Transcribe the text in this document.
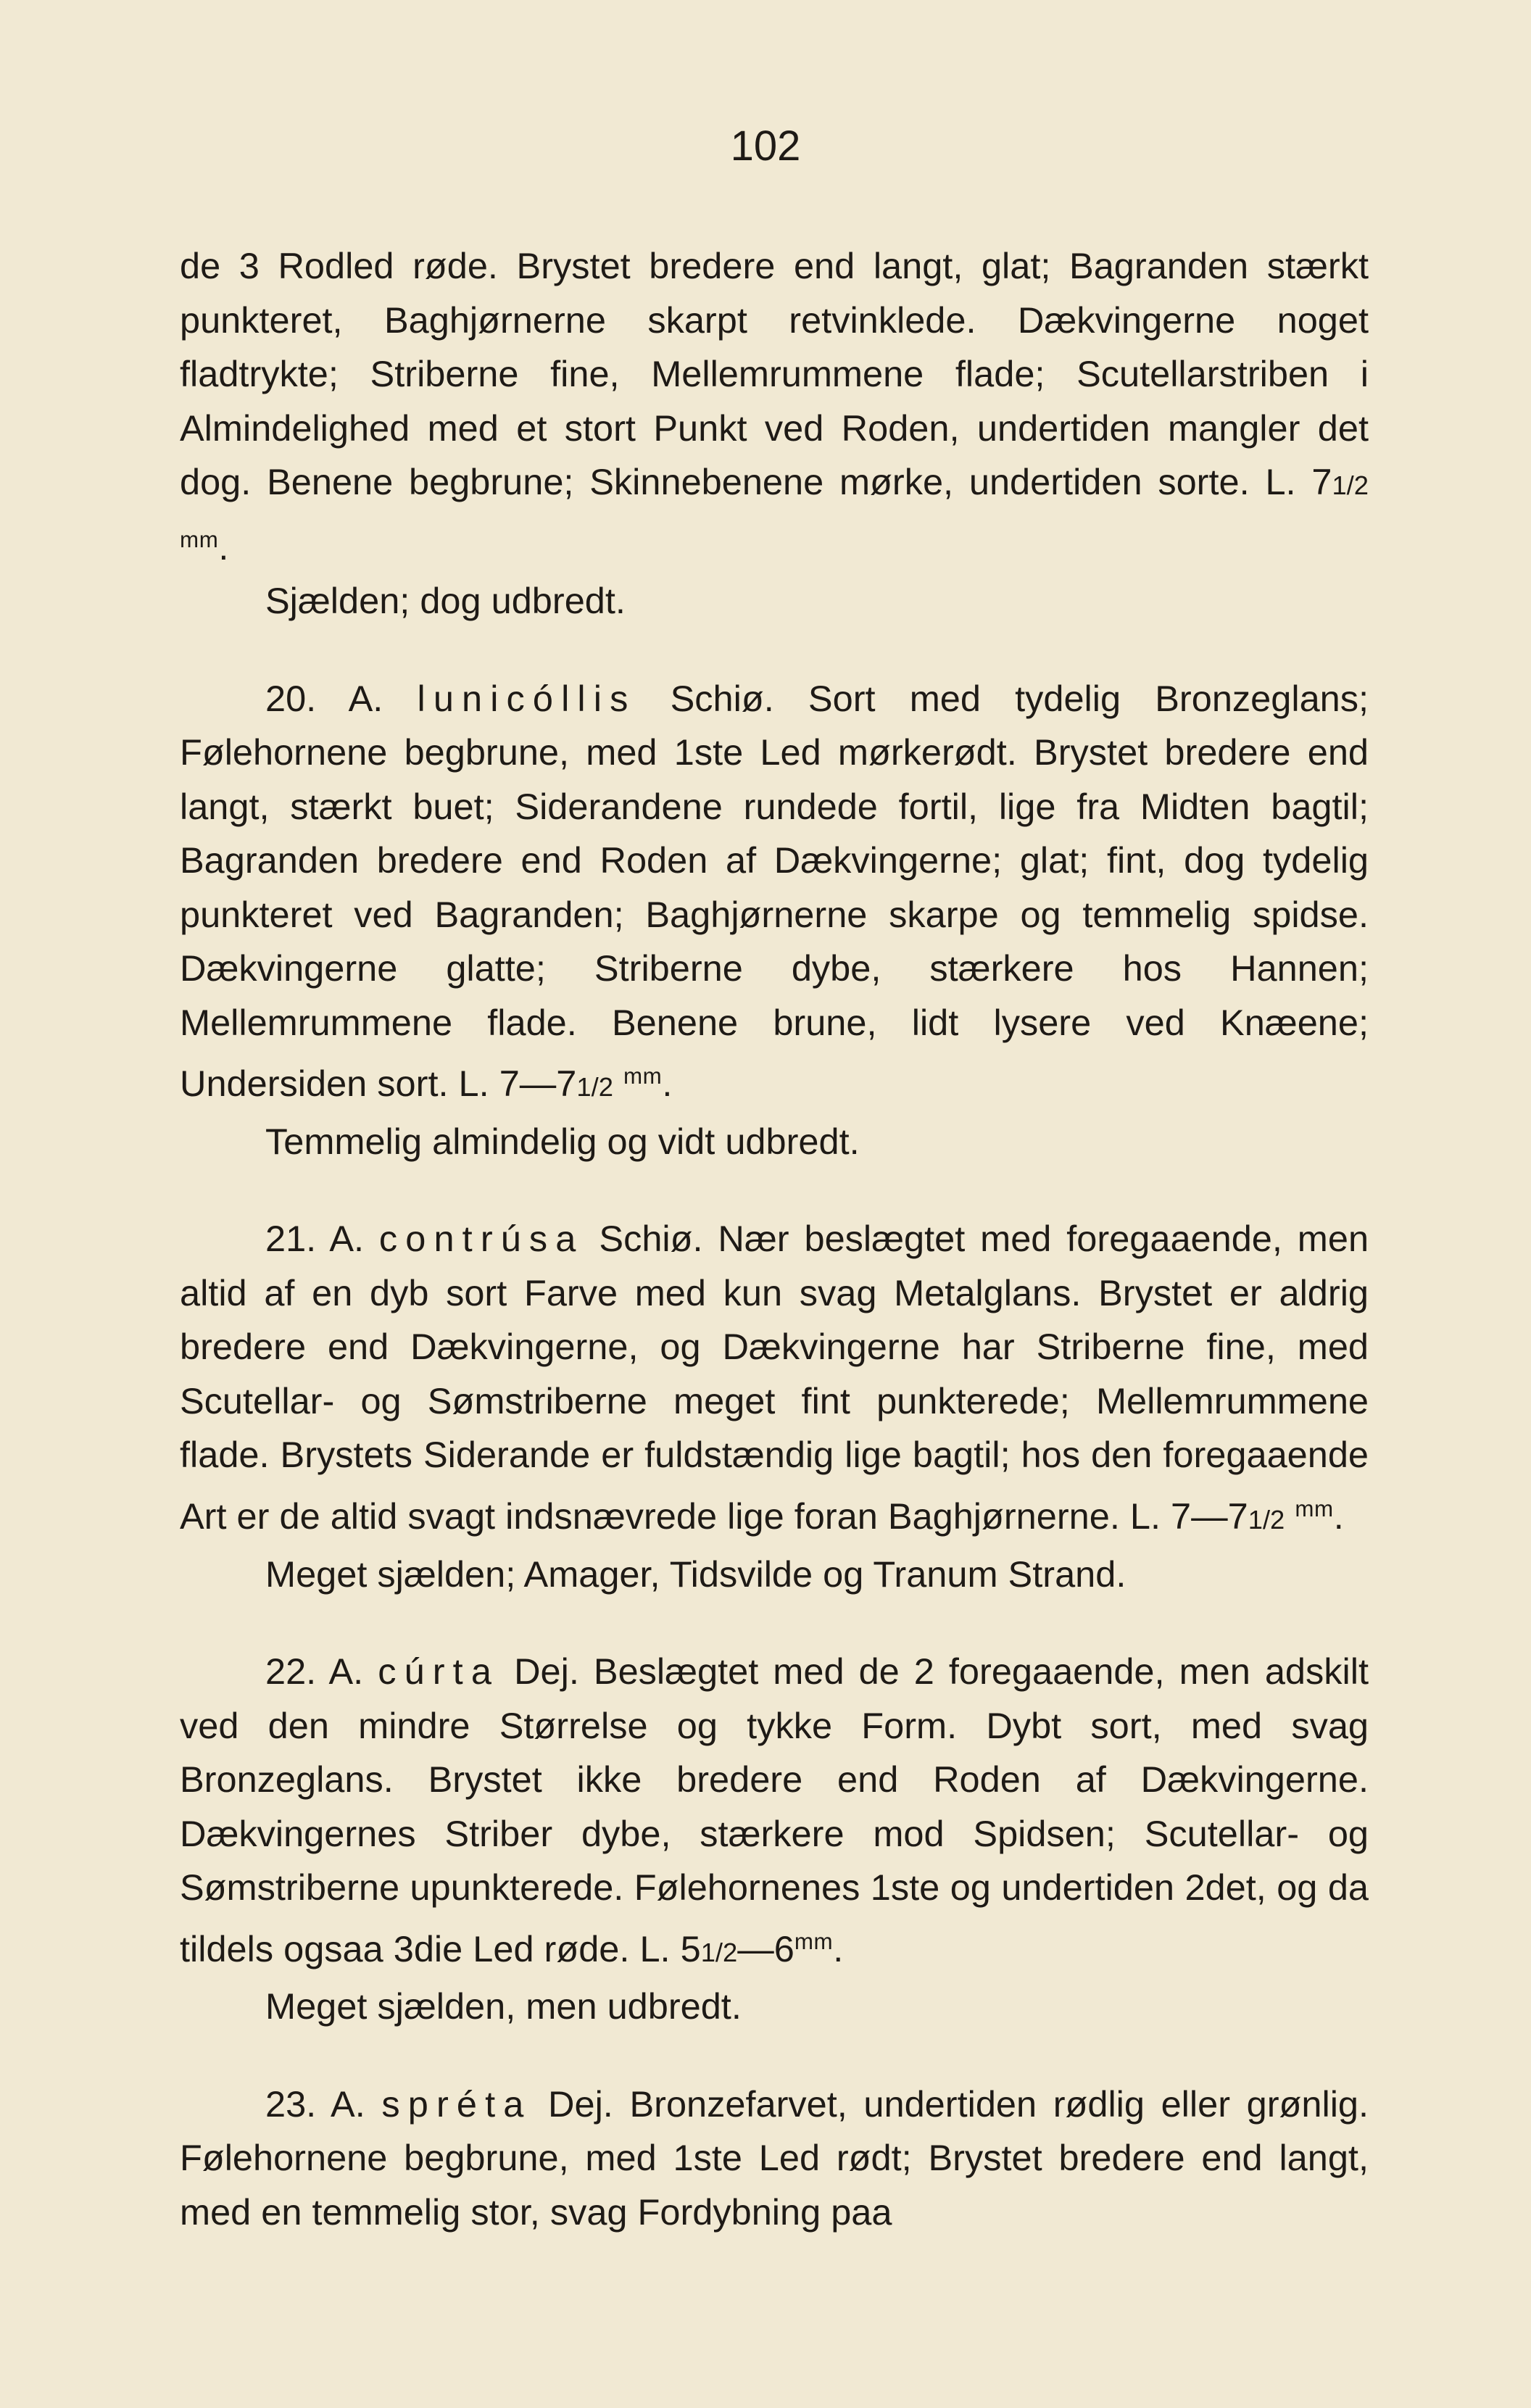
102

de 3 Rodled røde. Brystet bredere end langt, glat; Bagranden stærkt punkteret, Baghjørnerne skarpt retvinklede. Dækvingerne noget fladtrykte; Striberne fine, Mellemrummene flade; Scutellarstriben i Almindelighed med et stort Punkt ved Roden, undertiden mangler det dog. Benene begbrune; Skinnebenene mørke, undertiden sorte. L. 71/2 $^{mm}$.

Sjælden; dog udbredt.

20. A. lunicóllis Schiø. Sort med tydelig Bronzeglans; Følehornene begbrune, med 1ste Led mørkerødt. Brystet bredere end langt, stærkt buet; Siderandene rundede fortil, lige fra Midten bagtil; Bagranden bredere end Roden af Dækvingerne; glat; fint, dog tydelig punkteret ved Bagranden; Baghjørnerne skarpe og temmelig spidse. Dækvingerne glatte; Striberne dybe, stærkere hos Hannen; Mellemrummene flade. Benene brune, lidt lysere ved Knæene; Undersiden sort. L. 7—71/2 $^{mm}$.

Temmelig almindelig og vidt udbredt.

21. A. contrúsa Schiø. Nær beslægtet med foregaaende, men altid af en dyb sort Farve med kun svag Metalglans. Brystet er aldrig bredere end Dækvingerne, og Dækvingerne har Striberne fine, med Scutellar- og Sømstriberne meget fint punkterede; Mellemrummene flade. Brystets Siderande er fuldstændig lige bagtil; hos den foregaaende Art er de altid svagt indsnævrede lige foran Baghjørnerne. L. 7—71/2 $^{mm}$.

Meget sjælden; Amager, Tidsvilde og Tranum Strand.

22. A. cúrta Dej. Beslægtet med de 2 foregaaende, men adskilt ved den mindre Størrelse og tykke Form. Dybt sort, med svag Bronzeglans. Brystet ikke bredere end Roden af Dækvingerne. Dækvingernes Striber dybe, stærkere mod Spidsen; Scutellar- og Sømstriberne upunkterede. Følehornenes 1ste og undertiden 2det, og da tildels ogsaa 3die Led røde. L. $51/2—6^{mm}$.

Meget sjælden, men udbredt.

23. A. spréta Dej. Bronzefarvet, undertiden rødlig eller grønlig. Følehornene begbrune, med 1ste Led rødt; Brystet bredere end langt, med en temmelig stor, svag Fordybning paa
